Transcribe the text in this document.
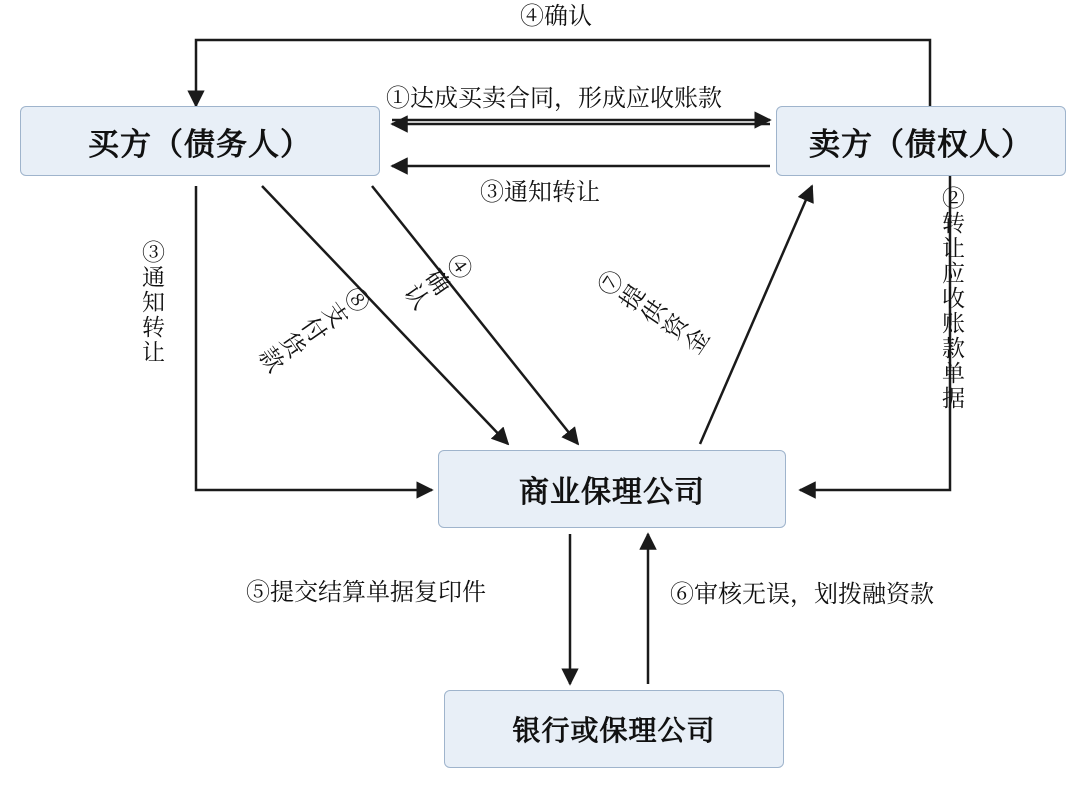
买方（债务人）	卖方（债权人）
商业保理公司
银行或保理公司
④确认
①达成买卖合同，形成应收账款
③通知转让
⑤提交结算单据复印件	⑥审核无误，划拨融资款
③通知转让	②转让应收账款单据
⑧支付货款 ④确认	⑦提供资金
